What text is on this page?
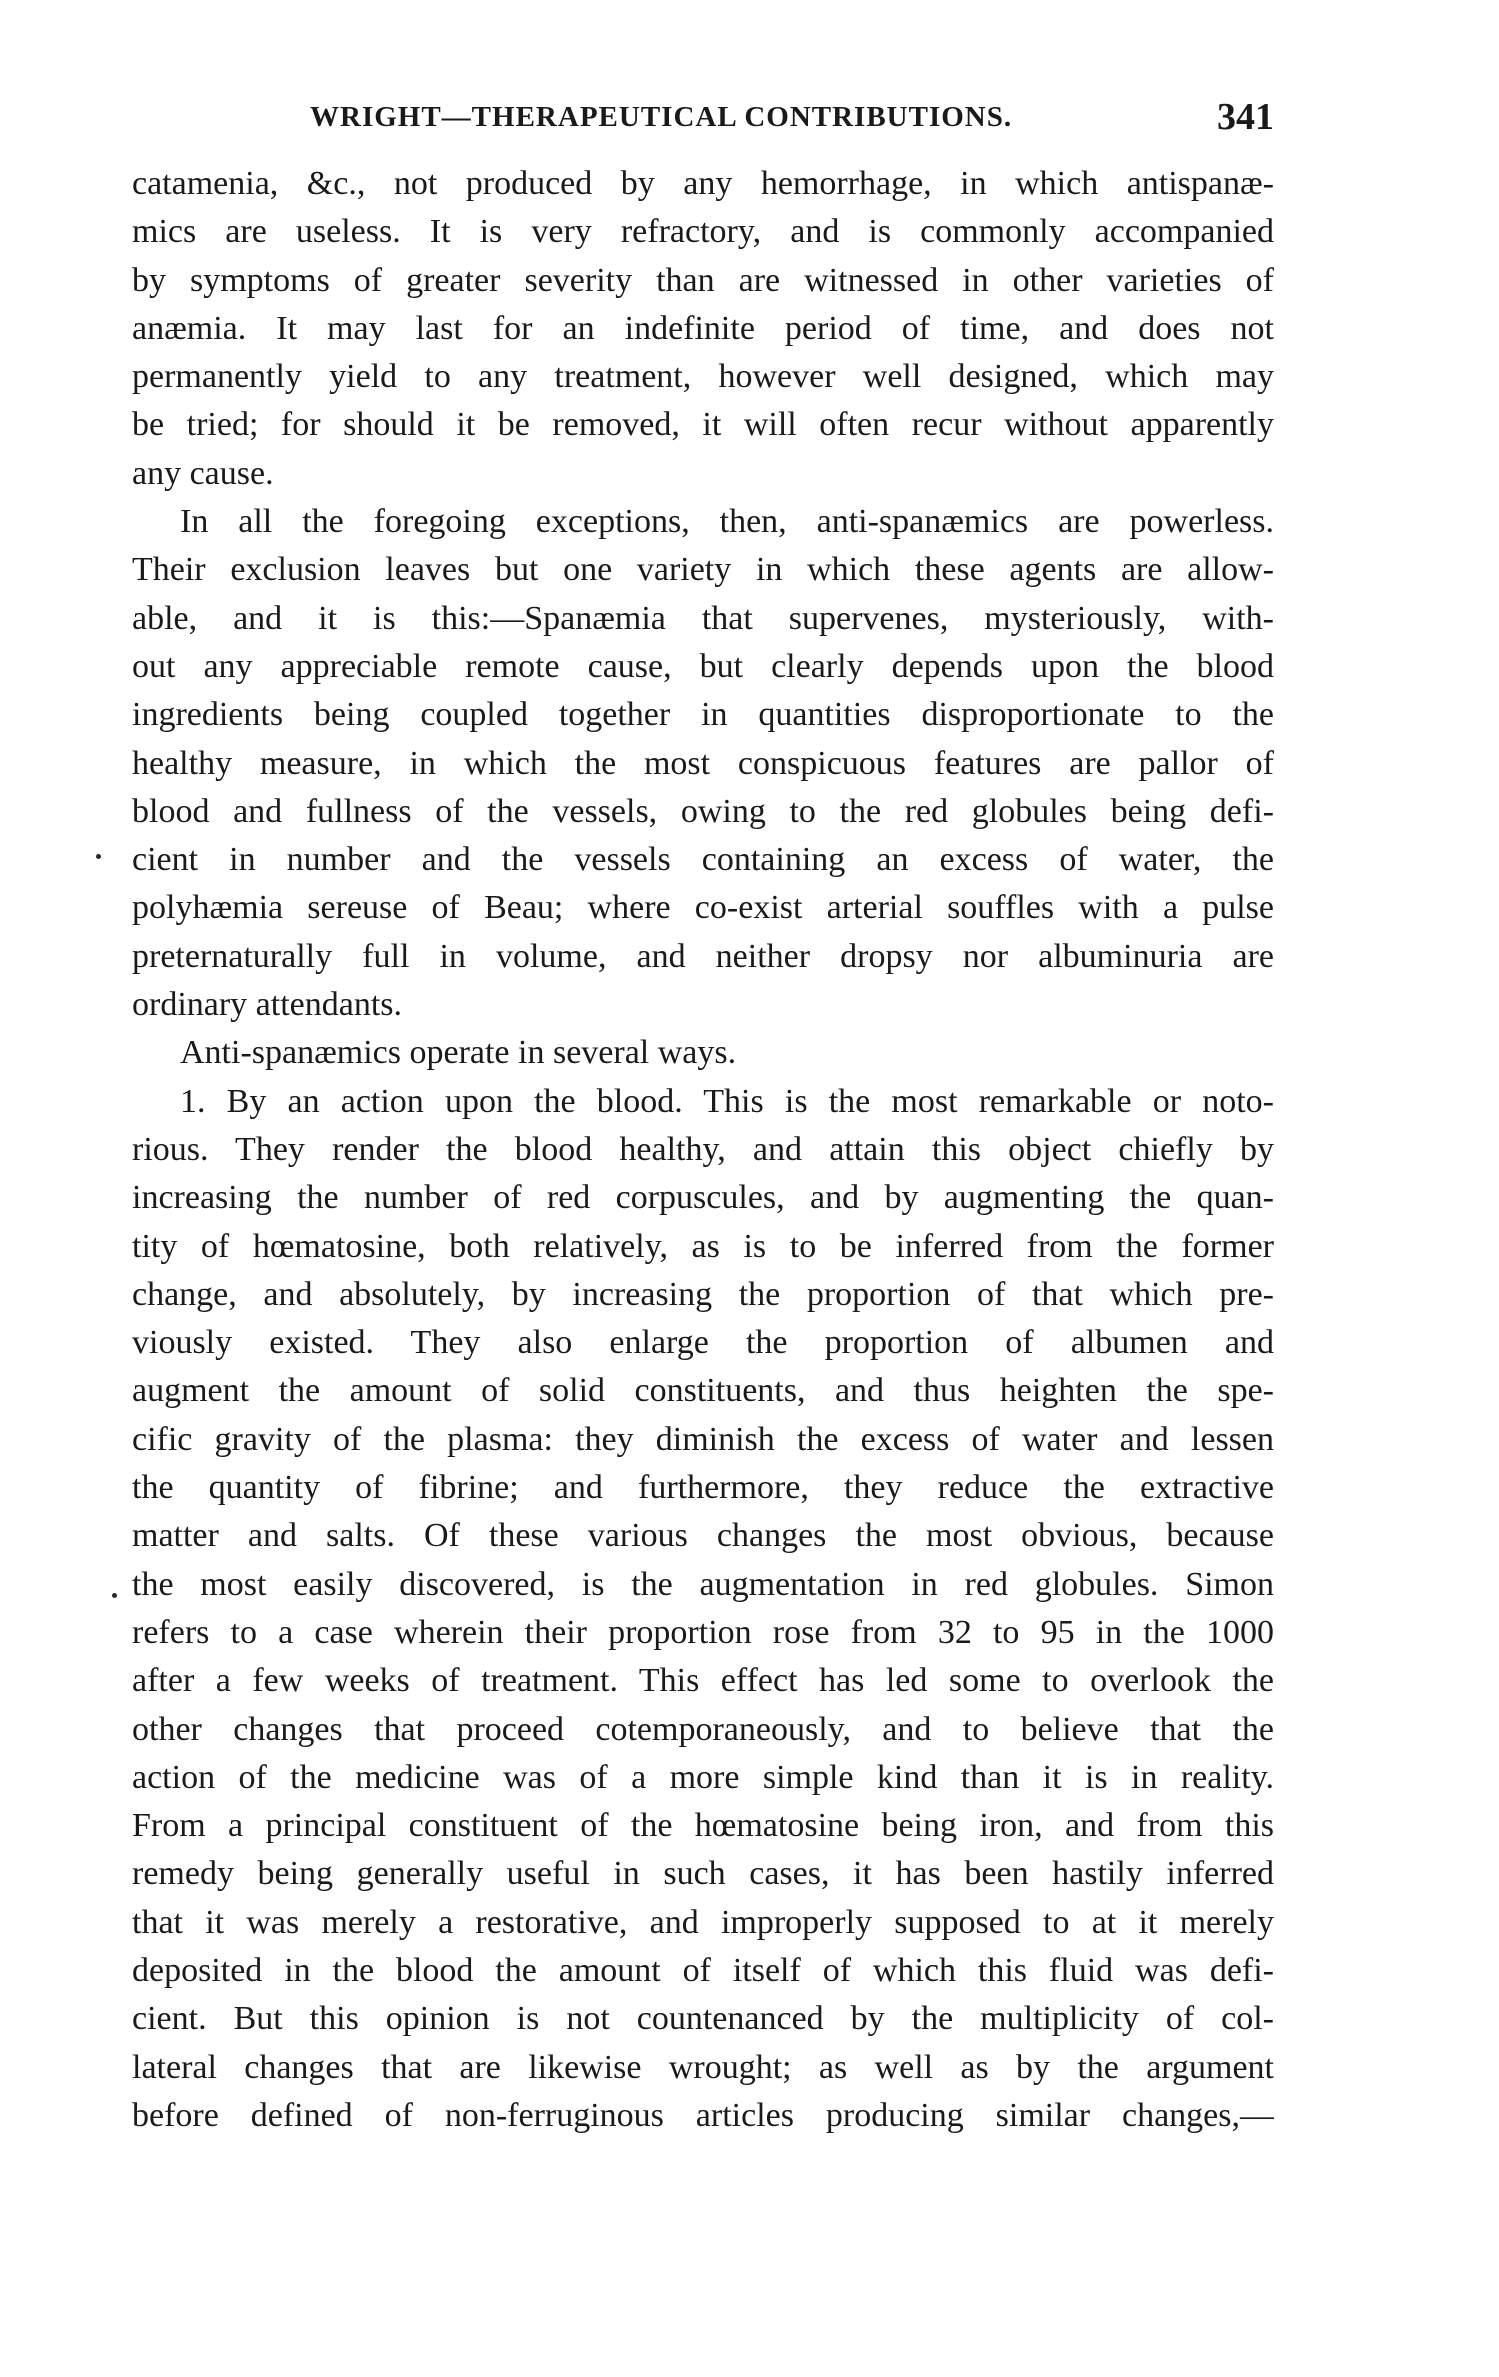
WRIGHT—THERAPEUTICAL CONTRIBUTIONS.	341
catamenia, &c., not produced by any hemorrhage, in which antispanæ-
mics are useless. It is very refractory, and is commonly accompanied
by symptoms of greater severity than are witnessed in other varieties of
anæmia. It may last for an indefinite period of time, and does not
permanently yield to any treatment, however well designed, which may
be tried; for should it be removed, it will often recur without apparently
any cause.
In all the foregoing exceptions, then, anti-spanæmics are powerless.
Their exclusion leaves but one variety in which these agents are allow-
able, and it is this:—Spanæmia that supervenes, mysteriously, with-
out any appreciable remote cause, but clearly depends upon the blood
ingredients being coupled together in quantities disproportionate to the
healthy measure, in which the most conspicuous features are pallor of
blood and fullness of the vessels, owing to the red globules being defi-
cient in number and the vessels containing an excess of water, the
polyhæmia sereuse of Beau; where co-exist arterial souffles with a pulse
preternaturally full in volume, and neither dropsy nor albuminuria are
ordinary attendants.
Anti-spanæmics operate in several ways.
1. By an action upon the blood. This is the most remarkable or noto-
rious. They render the blood healthy, and attain this object chiefly by
increasing the number of red corpuscules, and by augmenting the quan-
tity of hœmatosine, both relatively, as is to be inferred from the former
change, and absolutely, by increasing the proportion of that which pre-
viously existed. They also enlarge the proportion of albumen and
augment the amount of solid constituents, and thus heighten the spe-
cific gravity of the plasma: they diminish the excess of water and lessen
the quantity of fibrine; and furthermore, they reduce the extractive
matter and salts. Of these various changes the most obvious, because
the most easily discovered, is the augmentation in red globules. Simon
refers to a case wherein their proportion rose from 32 to 95 in the 1000
after a few weeks of treatment. This effect has led some to overlook the
other changes that proceed cotemporaneously, and to believe that the
action of the medicine was of a more simple kind than it is in reality.
From a principal constituent of the hœmatosine being iron, and from this
remedy being generally useful in such cases, it has been hastily inferred
that it was merely a restorative, and improperly supposed to at it merely
deposited in the blood the amount of itself of which this fluid was defi-
cient. But this opinion is not countenanced by the multiplicity of col-
lateral changes that are likewise wrought; as well as by the argument
before defined of non-ferruginous articles producing similar changes,—
